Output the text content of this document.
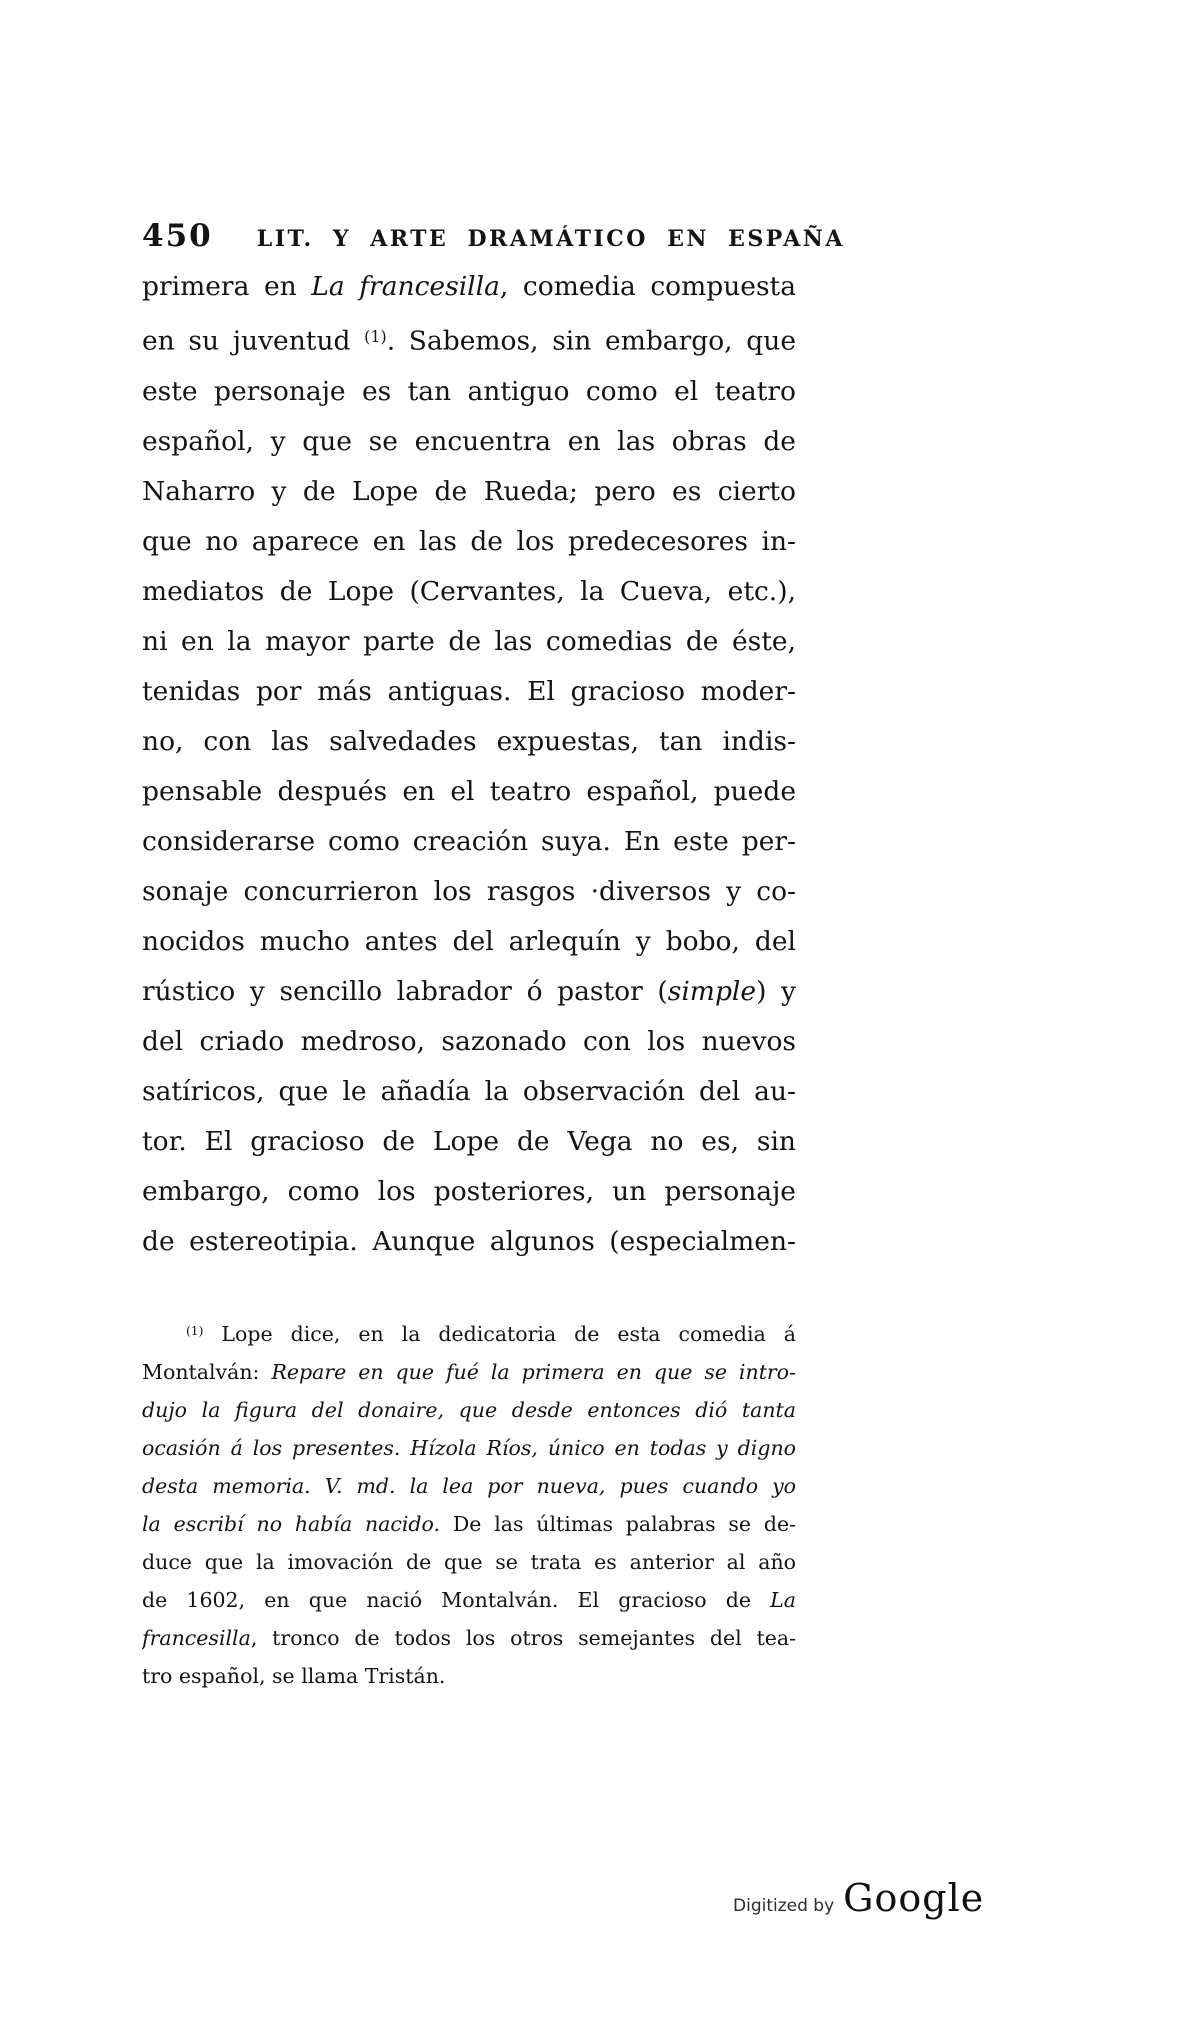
450 LIT. Y ARTE DRAMÁTICO EN ESPAÑA
primera en La francesilla, comedia compuesta
en su juventud $^{(1)}$. Sabemos, sin embargo, que
este personaje es tan antiguo como el teatro
español, y que se encuentra en las obras de
Naharro y de Lope de Rueda; pero es cierto
que no aparece en las de los predecesores in-
mediatos de Lope (Cervantes, la Cueva, etc.),
ni en la mayor parte de las comedias de éste,
tenidas por más antiguas. El gracioso moder-
no, con las salvedades expuestas, tan indis-
pensable después en el teatro español, puede
considerarse como creación suya. En este per-
sonaje concurrieron los rasgos ·diversos y co-
nocidos mucho antes del arlequín y bobo, del
rústico y sencillo labrador ó pastor (simple) y
del criado medroso, sazonado con los nuevos
satíricos, que le añadía la observación del au-
tor. El gracioso de Lope de Vega no es, sin
embargo, como los posteriores, un personaje
de estereotipia. Aunque algunos (especialmen-
$^{(1)}$ Lope dice, en la dedicatoria de esta comedia á
Montalván: Repare en que fué la primera en que se intro-
dujo la figura del donaire, que desde entonces dió tanta
ocasión á los presentes. Hízola Ríos, único en todas y digno
desta memoria. V. md. la lea por nueva, pues cuando yo
la escribí no había nacido. De las últimas palabras se de-
duce que la imovación de que se trata es anterior al año
de 1602, en que nació Montalván. El gracioso de La
francesilla, tronco de todos los otros semejantes del tea-
tro español, se llama Tristán.
Digitized by Google
